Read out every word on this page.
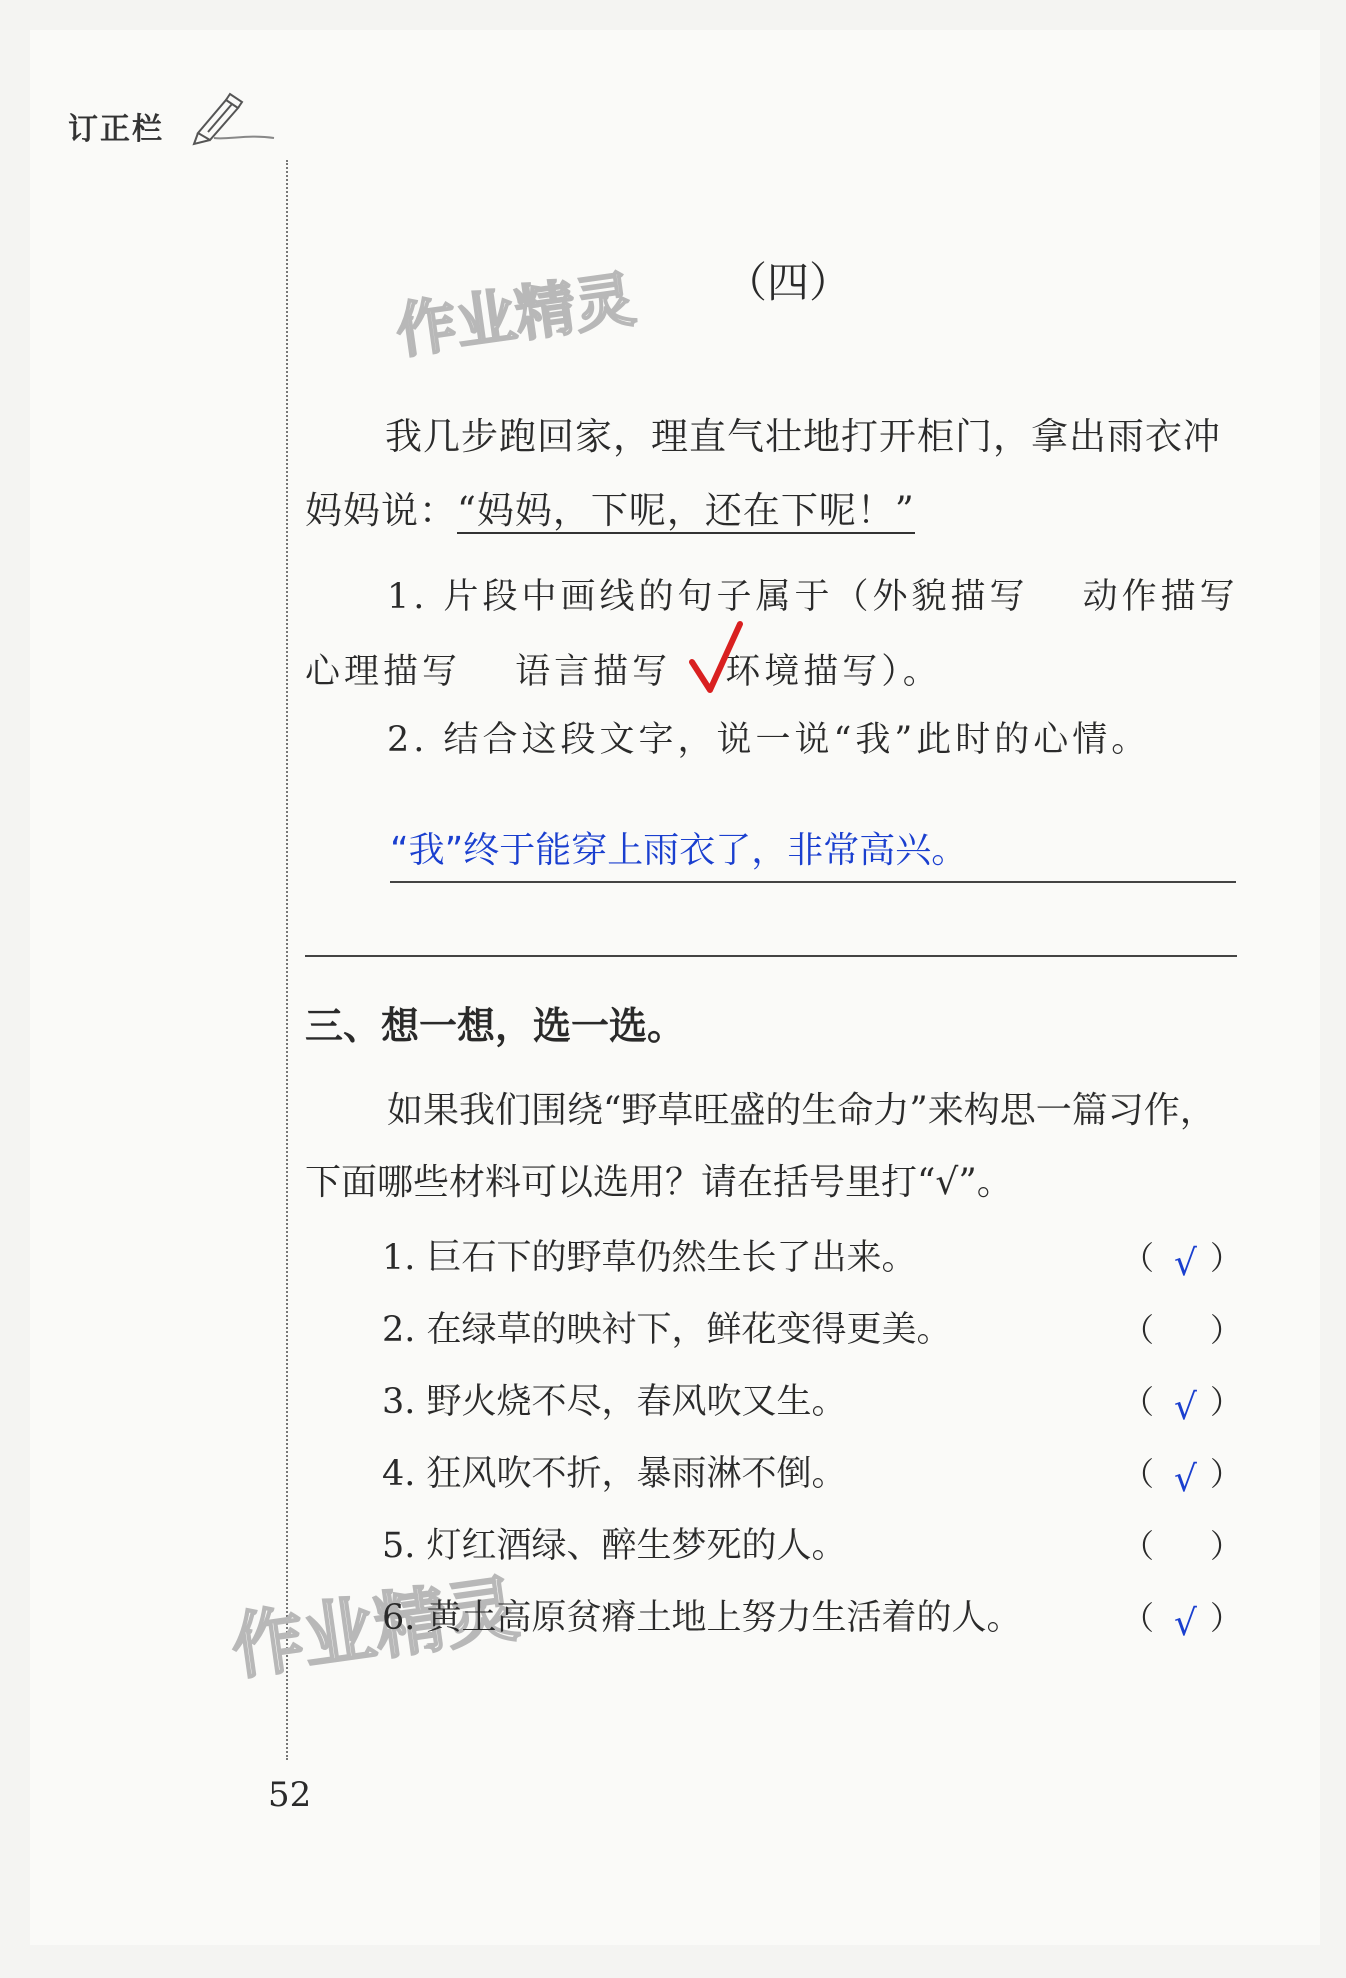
订正栏
作业精灵
作业精灵
（四）
我几步跑回家，理直气壮地打开柜门，拿出雨衣冲妈妈说：“妈妈，下呢，还在下呢！”
1. 片段中画线的句子属于（外貌描写　 动作描写　心理描写　 语言描写　 环境描写）。
2. 结合这段文字，说一说“我”此时的心情。
“我”终于能穿上雨衣了，非常高兴。
三、想一想，选一选。
如果我们围绕“野草旺盛的生命力”来构思一篇习作，下面哪些材料可以选用？请在括号里打“√”。
1. 巨石下的野草仍然生长了出来。	（ √ ）
2. 在绿草的映衬下，鲜花变得更美。	（ ）
3. 野火烧不尽，春风吹又生。	（ √ ）
4. 狂风吹不折，暴雨淋不倒。	（ √ ）
5. 灯红酒绿、醉生梦死的人。	（ ）
6. 黄土高原贫瘠土地上努力生活着的人。	（ √ ）
52
